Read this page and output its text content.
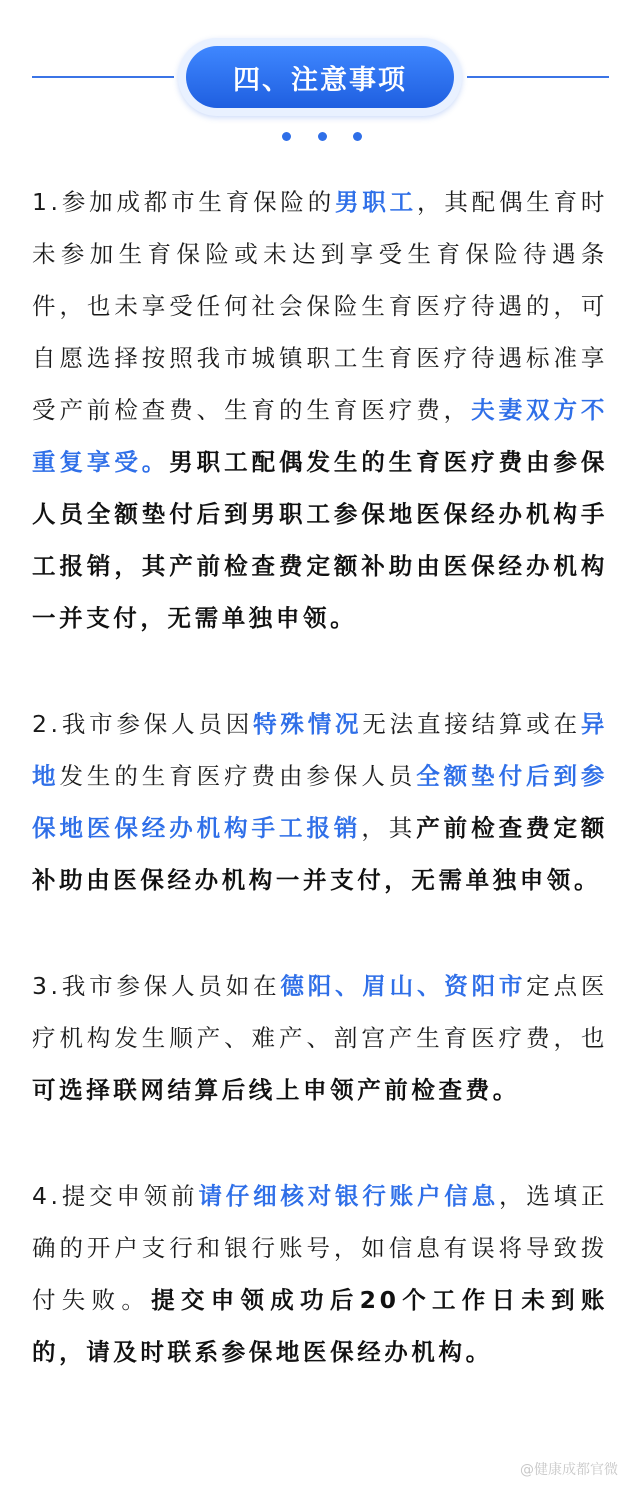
四、注意事项

1.参加成都市生育保险的男职工，其配偶生育时未参加生育保险或未达到享受生育保险待遇条件，也未享受任何社会保险生育医疗待遇的，可自愿选择按照我市城镇职工生育医疗待遇标准享受产前检查费、生育的生育医疗费，夫妻双方不重复享受。男职工配偶发生的生育医疗费由参保人员全额垫付后到男职工参保地医保经办机构手工报销，其产前检查费定额补助由医保经办机构一并支付，无需单独申领。

2.我市参保人员因特殊情况无法直接结算或在异地发生的生育医疗费由参保人员全额垫付后到参保地医保经办机构手工报销，其产前检查费定额补助由医保经办机构一并支付，无需单独申领。

3.我市参保人员如在德阳、眉山、资阳市定点医疗机构发生顺产、难产、剖宫产生育医疗费，也可选择联网结算后线上申领产前检查费。

4.提交申领前请仔细核对银行账户信息，选填正确的开户支行和银行账号，如信息有误将导致拨付失败。提交申领成功后20个工作日未到账的，请及时联系参保地医保经办机构。

@健康成都官微
